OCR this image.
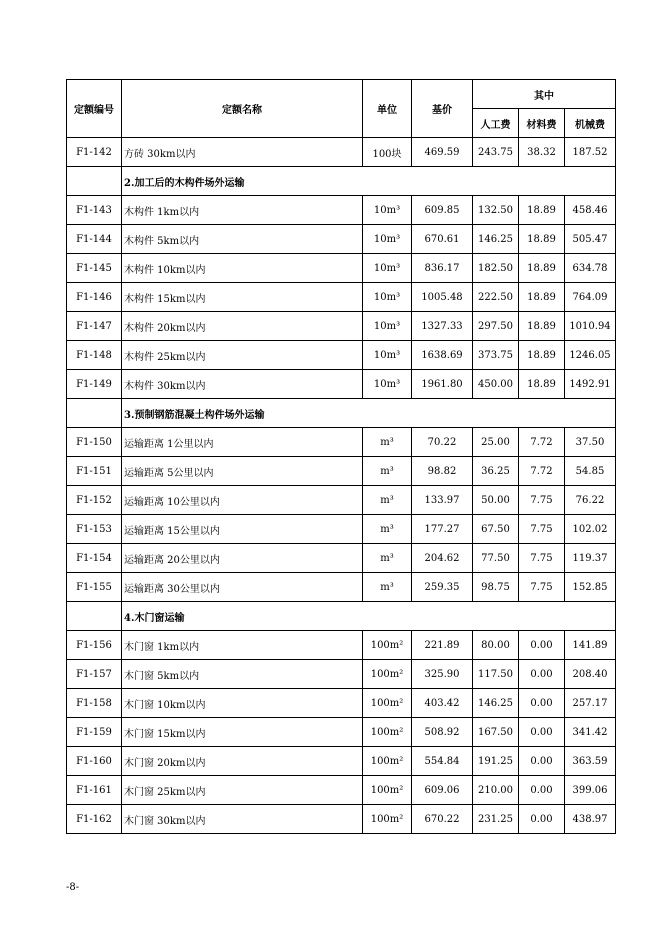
定额编号	定额名称	单位	基价	其中		
				人工费	材料费	机械费
F1-142	方砖 30km以内	100块	469.59	243.75	38.32	187.52
	2.加工后的木构件场外运输					
F1-143	木构件 1km以内	10m³	609.85	132.50	18.89	458.46
F1-144	木构件 5km以内	10m³	670.61	146.25	18.89	505.47
F1-145	木构件 10km以内	10m³	836.17	182.50	18.89	634.78
F1-146	木构件 15km以内	10m³	1005.48	222.50	18.89	764.09
F1-147	木构件 20km以内	10m³	1327.33	297.50	18.89	1010.94
F1-148	木构件 25km以内	10m³	1638.69	373.75	18.89	1246.05
F1-149	木构件 30km以内	10m³	1961.80	450.00	18.89	1492.91
	3.预制钢筋混凝土构件场外运输					
F1-150	运输距离 1公里以内	m³	70.22	25.00	7.72	37.50
F1-151	运输距离 5公里以内	m³	98.82	36.25	7.72	54.85
F1-152	运输距离 10公里以内	m³	133.97	50.00	7.75	76.22
F1-153	运输距离 15公里以内	m³	177.27	67.50	7.75	102.02
F1-154	运输距离 20公里以内	m³	204.62	77.50	7.75	119.37
F1-155	运输距离 30公里以内	m³	259.35	98.75	7.75	152.85
	4.木门窗运输					
F1-156	木门窗 1km以内	100m²	221.89	80.00	0.00	141.89
F1-157	木门窗 5km以内	100m²	325.90	117.50	0.00	208.40
F1-158	木门窗 10km以内	100m²	403.42	146.25	0.00	257.17
F1-159	木门窗 15km以内	100m²	508.92	167.50	0.00	341.42
F1-160	木门窗 20km以内	100m²	554.84	191.25	0.00	363.59
F1-161	木门窗 25km以内	100m²	609.06	210.00	0.00	399.06
F1-162	木门窗 30km以内	100m²	670.22	231.25	0.00	438.97
-8-
